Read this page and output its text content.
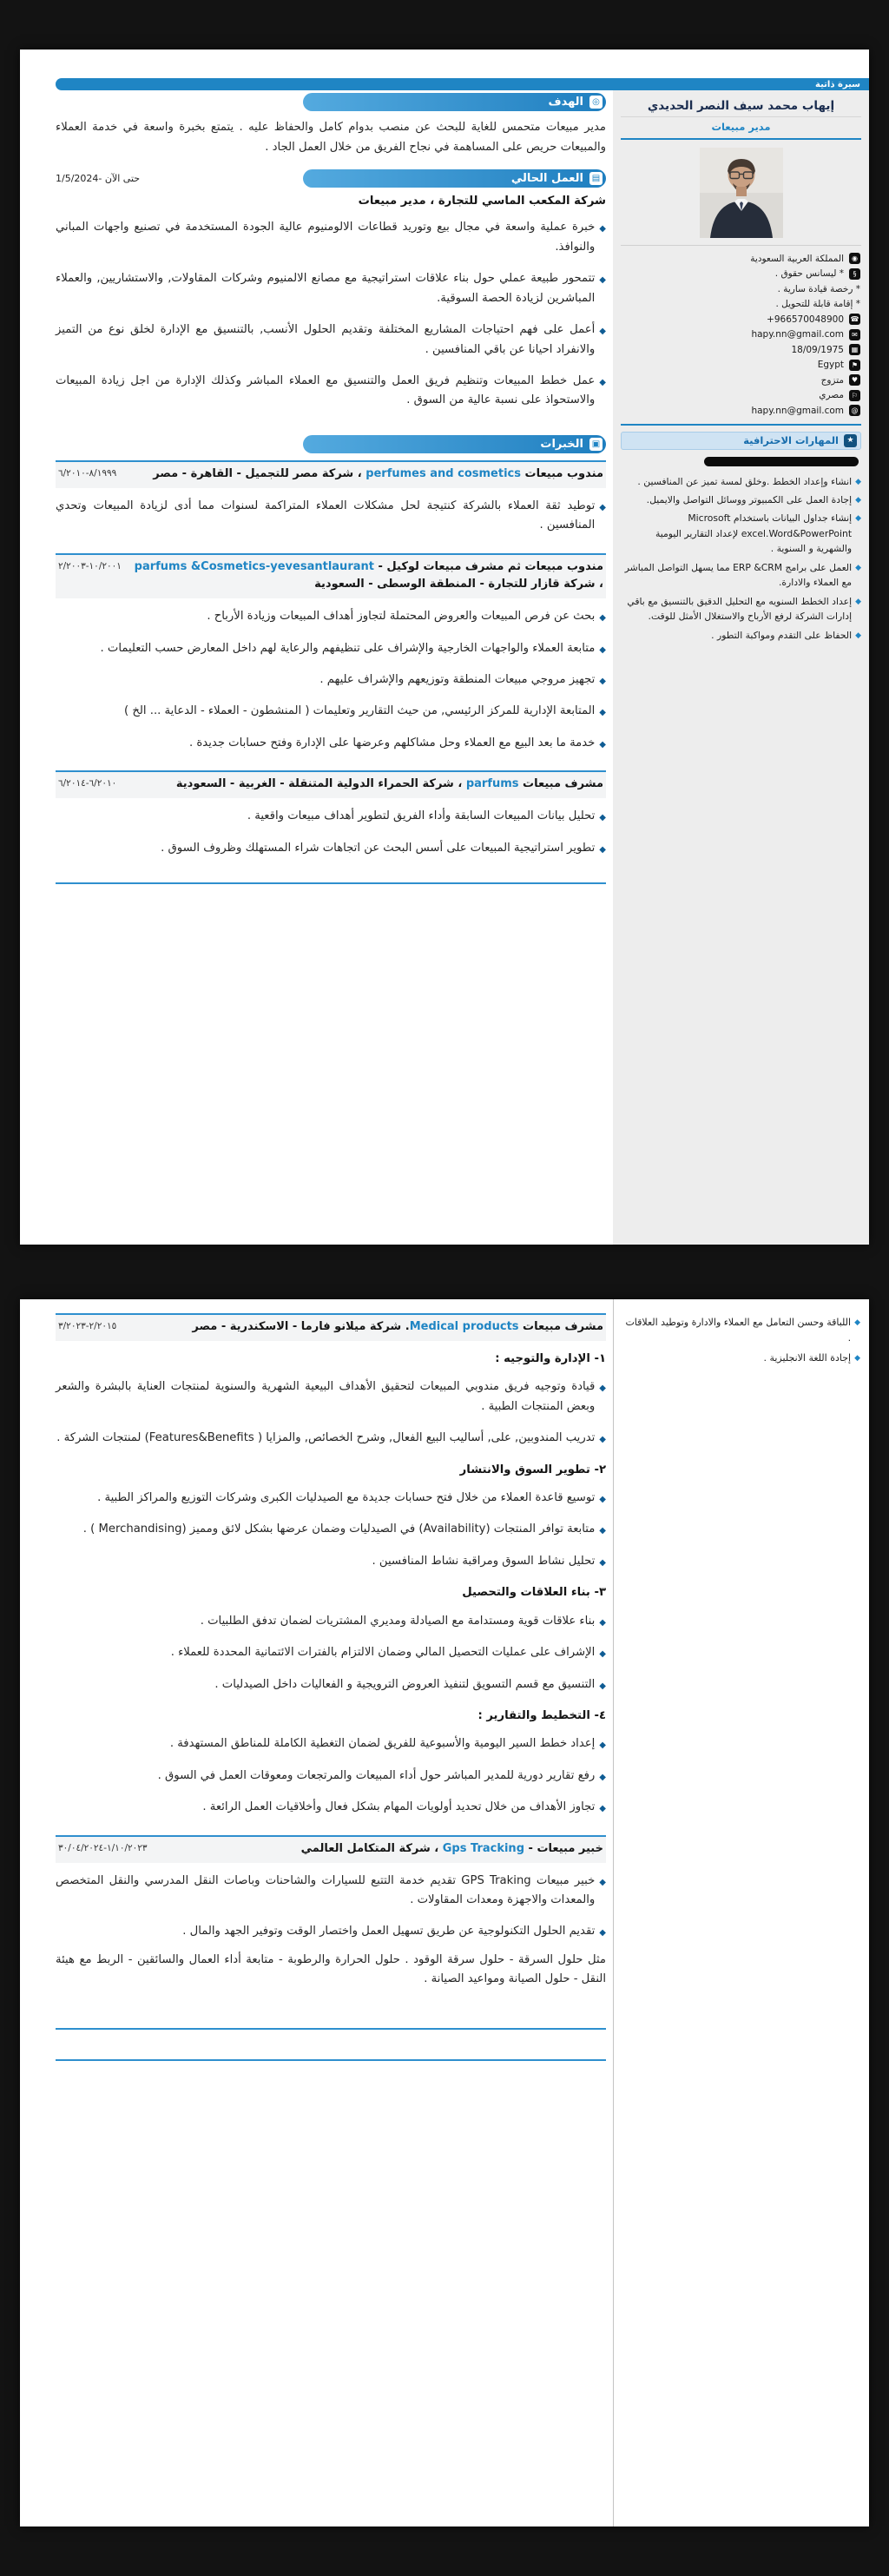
سيرة ذاتية
إيهاب محمد سيف النصر الحديدي
مدير مبيعات
◉
المملكة العربية السعودية
§
* ليسانس حقوق .
* رخصة قيادة سارية .
* إقامة قابلة للتحويل .
☎
+966570048900
✉
hapy.nn@gmail.com
▦
18/09/1975
⚑
Egypt
♥
متزوج
⚐
مصري
@
hapy.nn@gmail.com
★
المهارات الاحترافية
◆
انشاء وإعداد الخطط .وخلق لمسة تميز عن المنافسين .
◆
إجادة العمل على الكمبيوتر ووسائل التواصل والايميل.
◆
إنشاء جداول البيانات باستخدام Microsoft excel.Word&PowerPoint لإعداد التقارير اليومية والشهرية و السنوية .
◆
العمل على برامج ERP &CRM مما يسهل التواصل المباشر مع العملاء والادارة.
◆
إعداد الخطط السنويه مع التحليل الدقيق بالتنسيق مع باقي إدارات الشركة لرفع الأرباح والاستغلال الأمثل للوقت.
◆
الحفاظ على التقدم ومواكبة التطور .
◎
الهدف

مدير مبيعات متحمس للغاية للبحث عن منصب بدوام كامل والحفاظ عليه . يتمتع بخبرة واسعة في خدمة العملاء والمبيعات حريص على المساهمة في نجاح الفريق من خلال العمل الجاد .

▤
العمل الحالي
1/5/2024- حتى الآن
شركة المكعب الماسي للتجارة ، مدير مبيعات
◆
خبرة عملية واسعة في مجال بيع وتوريد قطاعات الالومنيوم عالية الجودة المستخدمة في تصنيع واجهات المباني والنوافذ.
◆
تتمحور طبيعة عملي حول بناء علاقات استراتيجية مع مصانع الالمنيوم وشركات المقاولات, والاستشاريين, والعملاء المباشرين لزيادة الحصة السوقية.
◆
أعمل على فهم احتياجات المشاريع المختلفة وتقديم الحلول الأنسب, بالتنسيق مع الإدارة لخلق نوع من التميز والانفراد احيانا عن باقي المنافسين .
◆
عمل خطط المبيعات وتنظيم فريق العمل والتنسيق مع العملاء المباشر وكذلك الإدارة من اجل زيادة المبيعات والاستحواذ على نسبة عالية من السوق .
▣
الخبرات
مندوب مبيعات perfumes and cosmetics ، شركة مصر للتجميل - القاهرة - مصر
٨/١٩٩٩-٦/٢٠١٠
◆
توطيد ثقة العملاء بالشركة كنتيجة لحل مشكلات العملاء المتراكمة لسنوات مما أدى لزيادة المبيعات وتحدي المنافسين .
مندوب مبيعات ثم مشرف مبيعات لوكيل - parfums &Cosmetics-yevesantlaurant ، شركة قازار للتجارة - المنطقة الوسطى - السعودية
١٠/٢٠٠١-٢/٢٠٠٣
◆
بحث عن فرص المبيعات والعروض المحتملة لتجاوز أهداف المبيعات وزيادة الأرباح .
◆
متابعة العملاء والواجهات الخارجية والإشراف على تنظيفهم والرعاية لهم داخل المعارض حسب التعليمات .
◆
تجهيز مروجي مبيعات المنطقة وتوزيعهم والإشراف عليهم .
◆
المتابعة الإدارية للمركز الرئيسي, من حيث التقارير وتعليمات ( المنشطون - العملاء - الدعاية ... الخ )
◆
خدمة ما بعد البيع مع العملاء وحل مشاكلهم وعرضها على الإدارة وفتح حسابات جديدة .
مشرف مبيعات parfums ، شركة الحمراء الدولية المتنقلة - الغربية - السعودية
٦/٢٠١٠-٦/٢٠١٤
◆
تحليل بيانات المبيعات السابقة وأداء الفريق لتطوير أهداف مبيعات واقعية .
◆
تطوير استراتيجية المبيعات على أسس البحث عن اتجاهات شراء المستهلك وظروف السوق .
◆
اللباقة وحسن التعامل مع العملاء والادارة وتوطيد العلاقات .
◆
إجادة اللغة الانجليزية .
مشرف مبيعات Medical products. شركة ميلانو فارما - الاسكندرية - مصر
٢/٢٠١٥-٣/٢٠٢٣
١- الإدارة والتوجيه :
◆
قيادة وتوجيه فريق مندوبي المبيعات لتحقيق الأهداف البيعية الشهرية والسنوية لمنتجات العناية بالبشرة والشعر وبعض المنتجات الطبية .
◆
تدريب المندوبين, على, أساليب البيع الفعال, وشرح الخصائص, والمزايا ( Features&Benefits) لمنتجات الشركة .
٢- تطوير السوق والانتشار
◆
توسيع قاعدة العملاء من خلال فتح حسابات جديدة مع الصيدليات الكبرى وشركات التوزيع والمراكز الطبية .
◆
متابعة توافر المنتجات (Availability) في الصيدليات وضمان عرضها بشكل لائق ومميز (Merchandising ) .
◆
تحليل نشاط السوق ومراقبة نشاط المنافسين .
٣- بناء العلاقات والتحصيل
◆
بناء علاقات قوية ومستدامة مع الصيادلة ومديري المشتريات لضمان تدفق الطلبيات .
◆
الإشراف على عمليات التحصيل المالي وضمان الالتزام بالفترات الائتمانية المحددة للعملاء .
◆
التنسيق مع قسم التسويق لتنفيذ العروض الترويجية و الفعاليات داخل الصيدليات .
٤- التخطيط والتقارير :
◆
إعداد خطط السير اليومية والأسبوعية للفريق لضمان التغطية الكاملة للمناطق المستهدفة .
◆
رفع تقارير دورية للمدير المباشر حول أداء المبيعات والمرتجعات ومعوقات العمل في السوق .
◆
تجاوز الأهداف من خلال تحديد أولويات المهام بشكل فعال وأخلاقيات العمل الرائعة .
خبير مبيعات - Gps Tracking ، شركة المتكامل العالمي
١/١٠/٢٠٢٣-٣٠/٠٤/٢٠٢٤
◆
خبير مبيعات GPS Traking تقديم خدمة التتبع للسيارات والشاحنات وباصات النقل المدرسي والنقل المتخصص والمعدات والاجهزة ومعدات المقاولات .
◆
تقديم الحلول التكنولوجية عن طريق تسهيل العمل واختصار الوقت وتوفير الجهد والمال .
مثل حلول السرقة - حلول سرقة الوقود . حلول الحرارة والرطوبة - متابعة أداء العمال والسائقين - الربط مع هيئة النقل - حلول الصيانة ومواعيد الصيانة .
